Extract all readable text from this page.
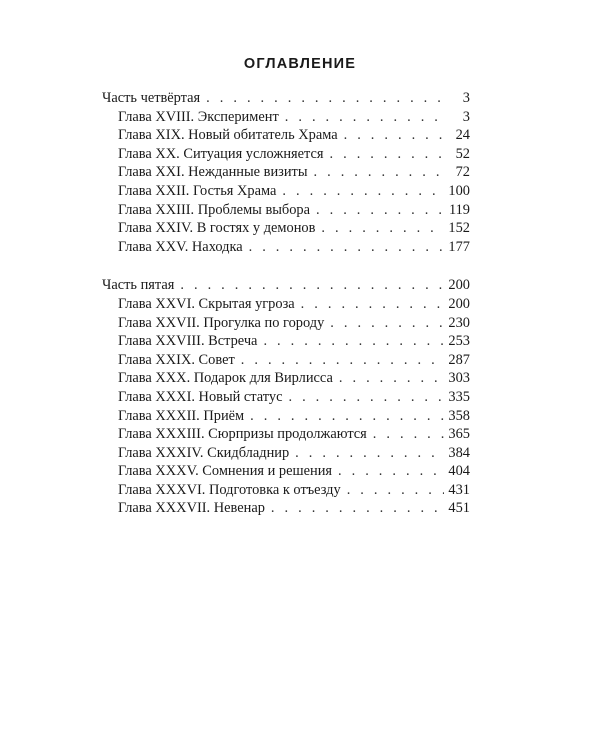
ОГЛАВЛЕНИЕ
Часть четвёртая . . .	3
Глава XVIII. Эксперимент . . .	3
Глава XIX. Новый обитатель Храма . . .	24
Глава XX. Ситуация усложняется . . .	52
Глава XXI. Нежданные визиты . . .	72
Глава XXII. Гостья Храма . . .	100
Глава XXIII. Проблемы выбора . . .	119
Глава XXIV. В гостях у демонов . . .	152
Глава XXV. Находка . . .	177
Часть пятая . . .	200
Глава XXVI. Скрытая угроза . . .	200
Глава XXVII. Прогулка по городу . . .	230
Глава XXVIII. Встреча . . .	253
Глава XXIX. Совет . . .	287
Глава XXX. Подарок для Вирлисса . . .	303
Глава XXXI. Новый статус . . .	335
Глава XXXII. Приём . . .	358
Глава XXXIII. Сюрпризы продолжаются . . .	365
Глава XXXIV. Скидбладнир . . .	384
Глава XXXV. Сомнения и решения . . .	404
Глава XXXVI. Подготовка к отъезду . . .	431
Глава XXXVII. Невенар . . .	451
